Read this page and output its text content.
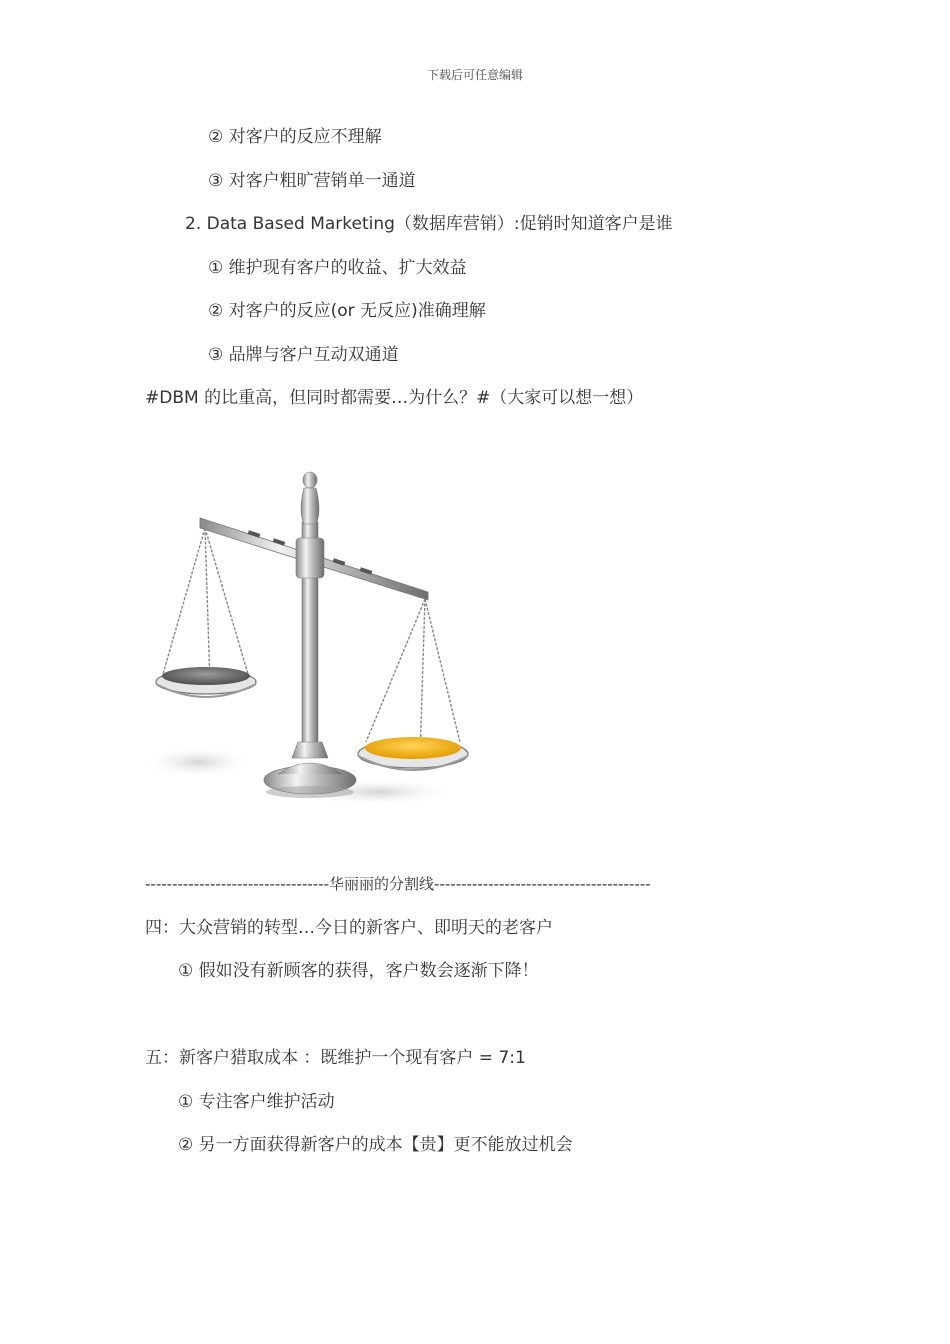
下载后可任意编辑
② 对客户的反应不理解
③ 对客户粗旷营销单一通道
2. Data Based Marketing（数据库营销）:促销时知道客户是谁
① 维护现有客户的收益、扩大效益
② 对客户的反应(or 无反应)准确理解
③ 品牌与客户互动双通道
#DBM 的比重高，但同时都需要…为什么？#（大家可以想一想）
----------------------------------华丽丽的分割线----------------------------------------
四：大众营销的转型…今日的新客户、即明天的老客户
① 假如没有新顾客的获得，客户数会逐渐下降！
五：新客户猎取成本 ：既维护一个现有客户 = 7:1
① 专注客户维护活动
② 另一方面获得新客户的成本【贵】更不能放过机会
